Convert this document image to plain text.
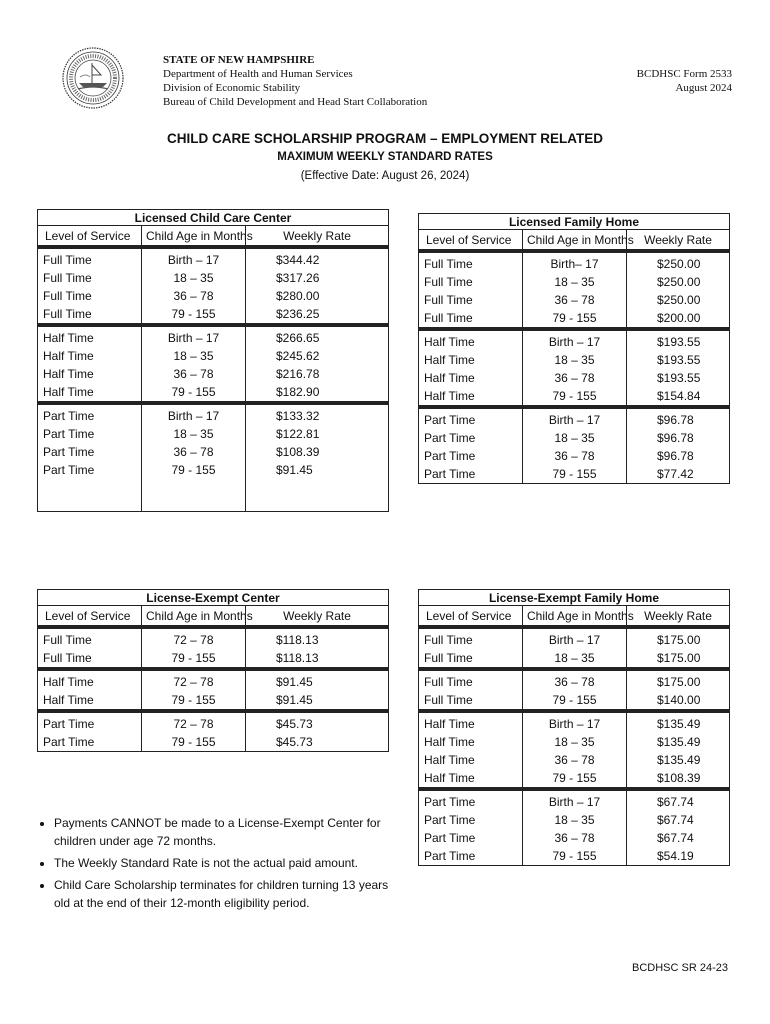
STATE OF NEW HAMPSHIRE
Department of Health and Human Services
Division of Economic Stability
Bureau of Child Development and Head Start Collaboration
BCDHSC Form 2533
August 2024
CHILD CARE SCHOLARSHIP PROGRAM – EMPLOYMENT RELATED
MAXIMUM WEEKLY STANDARD RATES
(Effective Date: August 26, 2024)
Licensed Child Care Center		
Level of Service	Child Age in Months	Weekly Rate
Full Time	Birth – 17	$344.42
Full Time	18 – 35	$317.26
Full Time	36 – 78	$280.00
Full Time	79 - 155	$236.25
Half Time	Birth – 17	$266.65
Half Time	18 – 35	$245.62
Half Time	36 – 78	$216.78
Half Time	79 - 155	$182.90
Part Time	Birth – 17	$133.32
Part Time	18 – 35	$122.81
Part Time	36 – 78	$108.39
Part Time	79 - 155	$91.45

Licensed Family Home		
Level of Service	Child Age in Months	Weekly Rate
Full Time	Birth– 17	$250.00
Full Time	18 – 35	$250.00
Full Time	36 – 78	$250.00
Full Time	79 - 155	$200.00
Half Time	Birth – 17	$193.55
Half Time	18 – 35	$193.55
Half Time	36 – 78	$193.55
Half Time	79 - 155	$154.84
Part Time	Birth – 17	$96.78
Part Time	18 – 35	$96.78
Part Time	36 – 78	$96.78
Part Time	79 - 155	$77.42
License-Exempt Center		
Level of Service	Child Age in Months	Weekly Rate
Full Time	72 – 78	$118.13
Full Time	79 - 155	$118.13
Half Time	72 – 78	$91.45
Half Time	79 - 155	$91.45
Part Time	72 – 78	$45.73
Part Time	79 - 155	$45.73
License-Exempt Family Home		
Level of Service	Child Age in Months	Weekly Rate
Full Time	Birth – 17	$175.00
Full Time	18 – 35	$175.00
Full Time	36 – 78	$175.00
Full Time	79 - 155	$140.00
Half Time	Birth – 17	$135.49
Half Time	18 – 35	$135.49
Half Time	36 – 78	$135.49
Half Time	79 - 155	$108.39
Part Time	Birth – 17	$67.74
Part Time	18 – 35	$67.74
Part Time	36 – 78	$67.74
Part Time	79 - 155	$54.19
• Payments CANNOT be made to a License-Exempt Center for children under age 72 months.
• The Weekly Standard Rate is not the actual paid amount.
• Child Care Scholarship terminates for children turning 13 years old at the end of their 12-month eligibility period.
BCDHSC SR 24-23
